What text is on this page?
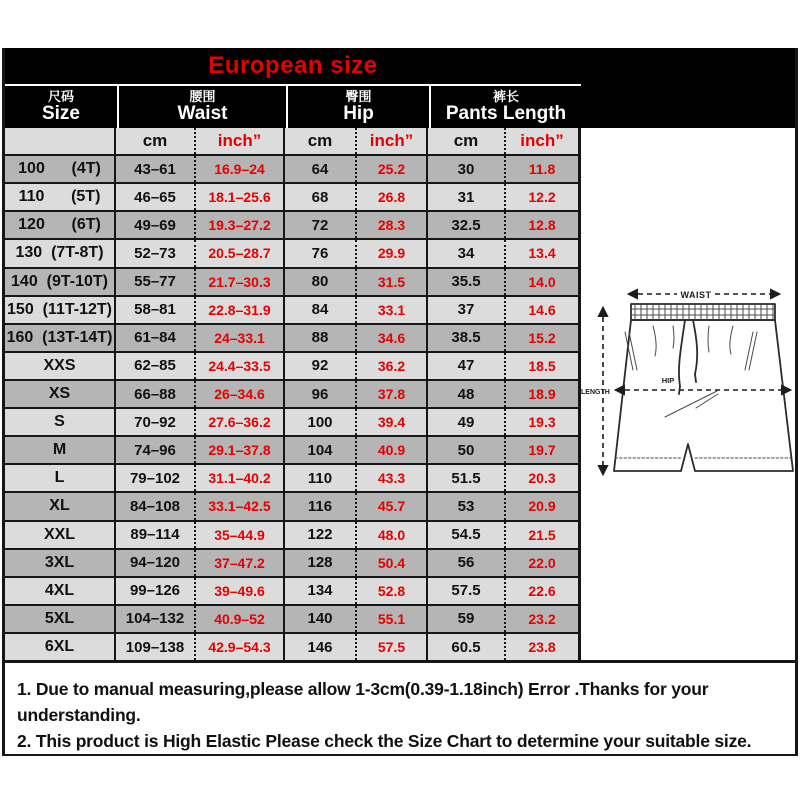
European size
尺码
Size
腰围
Waist
臀围
Hip
裤长
Pants Length
cm	inch”	cm	inch”	cm	inch”
100      (4T)	43–61	16.9–24	64	25.2	30	11.8
110      (5T)	46–65	18.1–25.6	68	26.8	31	12.2
120      (6T)	49–69	19.3–27.2	72	28.3	32.5	12.8
130  (7T-8T)	52–73	20.5–28.7	76	29.9	34	13.4
140  (9T-10T)	55–77	21.7–30.3	80	31.5	35.5	14.0
150  (11T-12T)	58–81	22.8–31.9	84	33.1	37	14.6
160  (13T-14T)	61–84	24–33.1	88	34.6	38.5	15.2
XXS	62–85	24.4–33.5	92	36.2	47	18.5
XS	66–88	26–34.6	96	37.8	48	18.9
S	70–92	27.6–36.2	100	39.4	49	19.3
M	74–96	29.1–37.8	104	40.9	50	19.7
L	79–102	31.1–40.2	110	43.3	51.5	20.3
XL	84–108	33.1–42.5	116	45.7	53	20.9
XXL	89–114	35–44.9	122	48.0	54.5	21.5
3XL	94–120	37–47.2	128	50.4	56	22.0
4XL	99–126	39–49.6	134	52.8	57.5	22.6
5XL	104–132	40.9–52	140	55.1	59	23.2
6XL	109–138	42.9–54.3	146	57.5	60.5	23.8
WAIST
HIP
LENGTH

1. Due to manual measuring,please allow 1-3cm(0.39-1.18inch) Error .Thanks for your understanding.

2. This product is High Elastic Please check the Size Chart to determine your suitable size.
